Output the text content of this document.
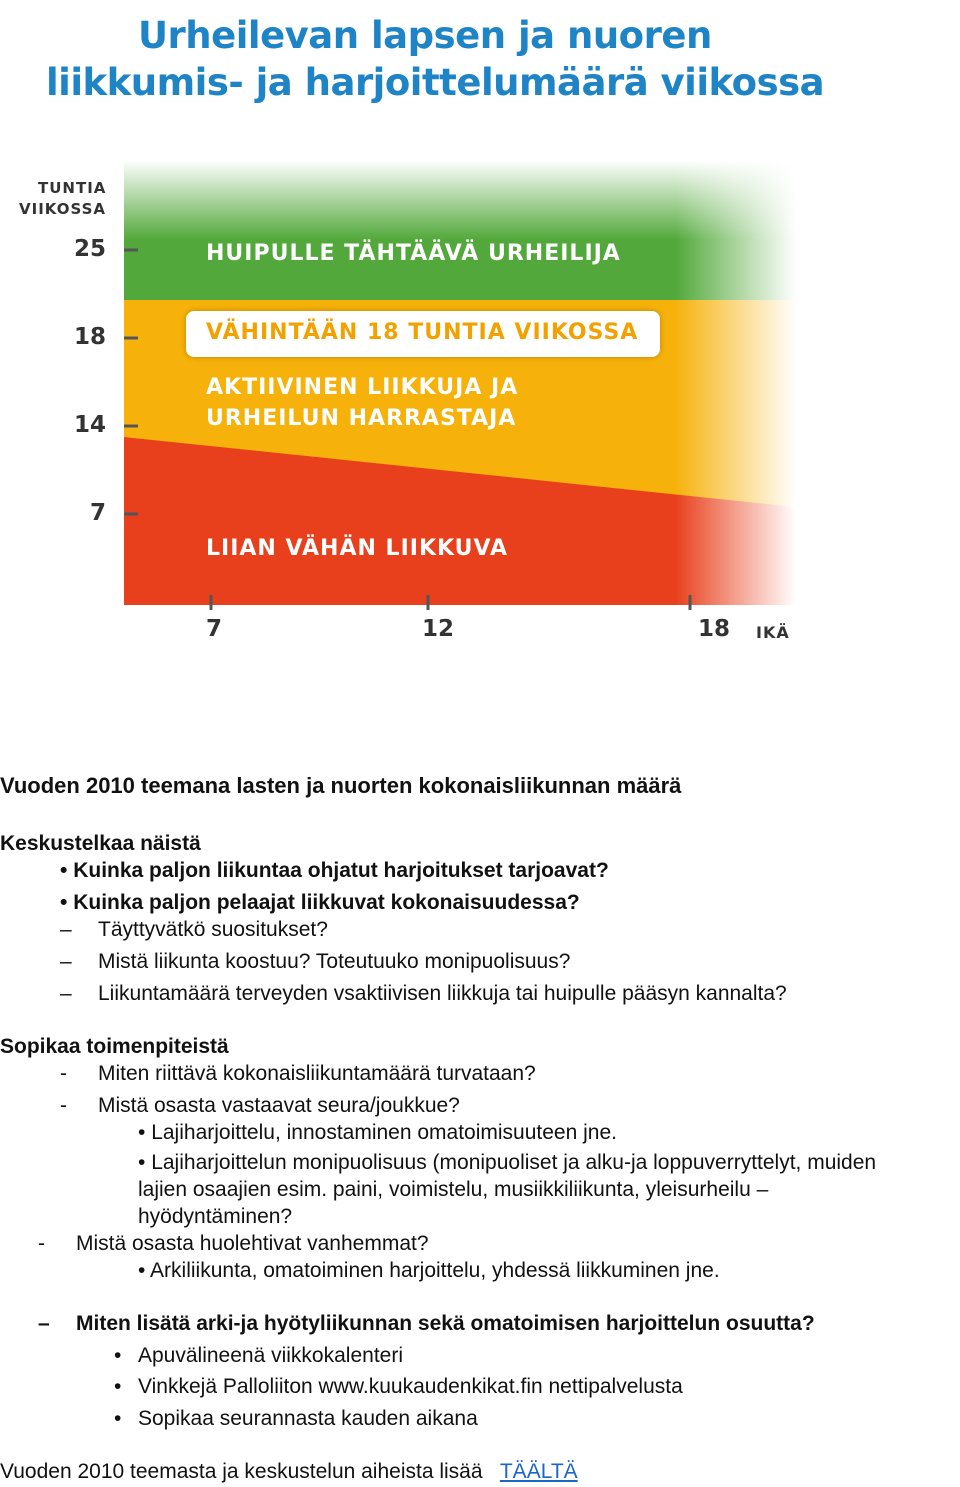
Urheilevan lapsen ja nuoren
liikkumis- ja harjoittelumäärä viikossa
TUNTIA
VIIKOSSA
25
18
14
7
7	12	18	IKÄ
HUIPULLE TÄHTÄÄVÄ URHEILIJA
VÄHINTÄÄN 18 TUNTIA VIIKOSSA
AKTIIVINEN LIIKKUJA JA
URHEILUN HARRASTAJA
LIIAN VÄHÄN LIIKKUVA
Vuoden 2010 teemana lasten ja nuorten kokonaisliikunnan määrä
Keskustelkaa näistä
• Kuinka paljon liikuntaa ohjatut harjoitukset tarjoavat?
• Kuinka paljon pelaajat liikkuvat kokonaisuudessa?
– Täyttyvätkö suositukset?
– Mistä liikunta koostuu? Toteutuuko monipuolisuus?
– Liikuntamäärä terveyden vsaktiivisen liikkuja tai huipulle pääsyn kannalta?
Sopikaa toimenpiteistä
- Miten riittävä kokonaisliikuntamäärä turvataan?
- Mistä osasta vastaavat seura/joukkue?
• Lajiharjoittelu, innostaminen omatoimisuuteen jne.
• Lajiharjoittelun monipuolisuus (monipuoliset ja alku-ja loppuverryttelyt, muiden
lajien osaajien esim. paini, voimistelu, musiikkiliikunta, yleisurheilu –
hyödyntäminen?
- Mistä osasta huolehtivat vanhemmat?
• Arkiliikunta, omatoiminen harjoittelu, yhdessä liikkuminen jne.
– Miten lisätä arki-ja hyötyliikunnan sekä omatoimisen harjoittelun osuutta?
• Apuvälineenä viikkokalenteri
• Vinkkejä Palloliiton www.kuukaudenkikat.fin nettipalvelusta
• Sopikaa seurannasta kauden aikana
Vuoden 2010 teemasta ja keskustelun aiheista lisää TÄÄLTÄ
